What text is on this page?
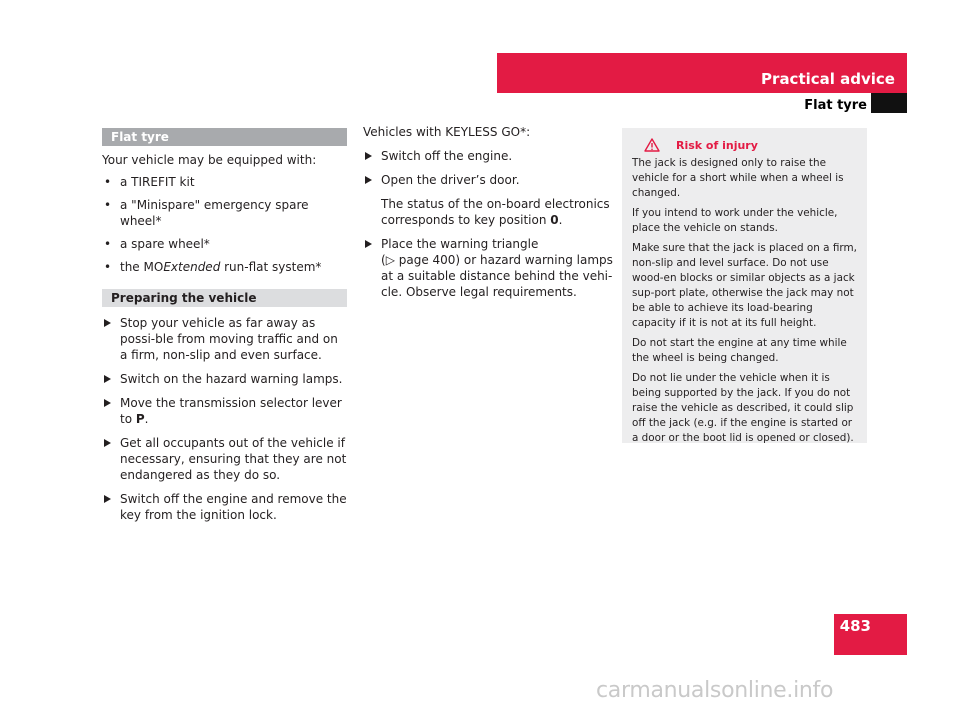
Practical advice
Flat tyre
Flat tyre

Your vehicle may be equipped with:

• a TIREFIT kit
• a "Minispare" emergency spare wheel*
• a spare wheel*
• the MOExtended run-flat system*
Preparing the vehicle
Stop your vehicle as far away as possi-ble from moving traffic and on a firm, non-slip and even surface.
Switch on the hazard warning lamps.
Move the transmission selector lever to P.
Get all occupants out of the vehicle if necessary, ensuring that they are not endangered as they do so.
Switch off the engine and remove the key from the ignition lock.

Vehicles with KEYLESS GO*:

Switch off the engine.
Open the driver’s door.
The status of the on-board electronics corresponds to key position 0.
Place the warning triangle
(▷ page 400) or hazard warning lamps at a suitable distance behind the vehi-cle. Observe legal requirements.
Risk of injury

The jack is designed only to raise the vehicle for a short while when a wheel is changed.

If you intend to work under the vehicle, place the vehicle on stands.

Make sure that the jack is placed on a firm, non-slip and level surface. Do not use wood-en blocks or similar objects as a jack sup-port plate, otherwise the jack may not be able to achieve its load-bearing capacity if it is not at its full height.

Do not start the engine at any time while the wheel is being changed.

Do not lie under the vehicle when it is being supported by the jack. If you do not raise the vehicle as described, it could slip off the jack (e.g. if the engine is started or a door or the boot lid is opened or closed).

483
carmanualsonline.info
